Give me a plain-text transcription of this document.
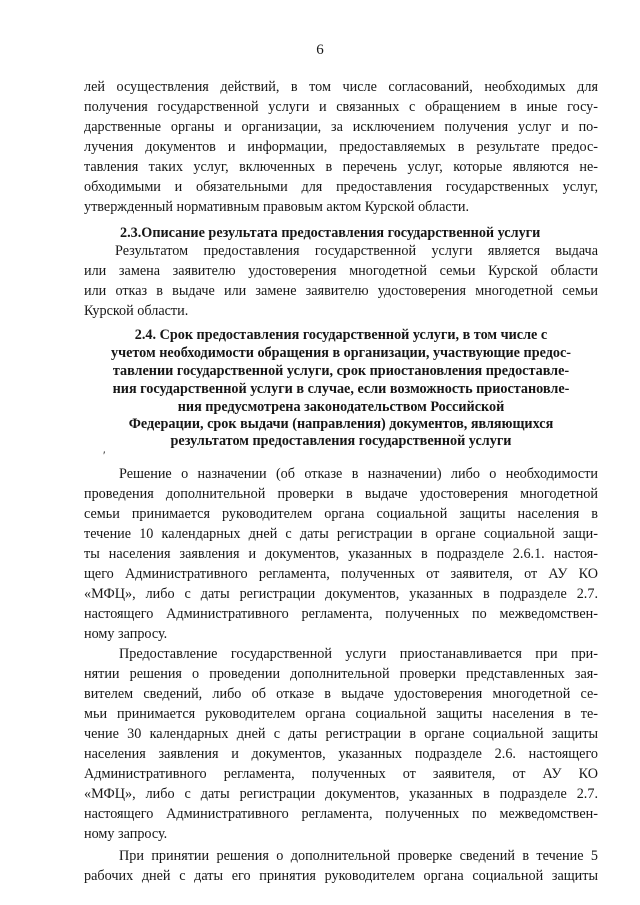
6
лей осуществления действий, в том числе согласований, необходимых для
получения государственной услуги и связанных с обращением в иные госу-
дарственные органы и организации, за исключением получения услуг и по-
лучения документов и информации, предоставляемых в результате предос-
тавления таких услуг, включенных в перечень услуг, которые являются не-
обходимыми и обязательными для предоставления государственных услуг,
утвержденный нормативным правовым актом Курской области.
2.3.Описание результата предоставления государственной услуги
Результатом предоставления государственной услуги является выдача
или замена заявителю удостоверения многодетной семьи Курской области
или отказ в выдаче или замене заявителю удостоверения многодетной семьи
Курской области.
2.4. Срок предоставления государственной услуги, в том числе с
учетом необходимости обращения в организации, участвующие предос-
тавлении государственной услуги, срок приостановления предоставле-
ния государственной услуги в случае, если возможность приостановле-
ния предусмотрена законодательством Российской
Федерации, срок выдачи (направления) документов, являющихся
результатом предоставления государственной услуги
′
Решение о назначении (об отказе в назначении) либо о необходимости
проведения дополнительной проверки в выдаче удостоверения многодетной
семьи принимается руководителем органа социальной защиты населения в
течение 10 календарных дней с даты регистрации в органе социальной защи-
ты населения заявления и документов, указанных в подразделе 2.6.1. настоя-
щего Административного регламента, полученных от заявителя, от АУ КО
«МФЦ», либо с даты регистрации документов, указанных в подразделе 2.7.
настоящего Административного регламента, полученных по межведомствен-
ному запросу.
Предоставление государственной услуги приостанавливается при при-
нятии решения о проведении дополнительной проверки представленных зая-
вителем сведений, либо об отказе в выдаче удостоверения многодетной се-
мьи принимается руководителем органа социальной защиты населения в те-
чение 30 календарных дней с даты регистрации в органе социальной защиты
населения заявления и документов, указанных подразделе 2.6. настоящего
Административного регламента, полученных от заявителя, от АУ КО
«МФЦ», либо с даты регистрации документов, указанных в подразделе 2.7.
настоящего Административного регламента, полученных по межведомствен-
ному запросу.
При принятии решения о дополнительной проверке сведений в течение 5
рабочих дней с даты его принятия руководителем органа социальной защиты
